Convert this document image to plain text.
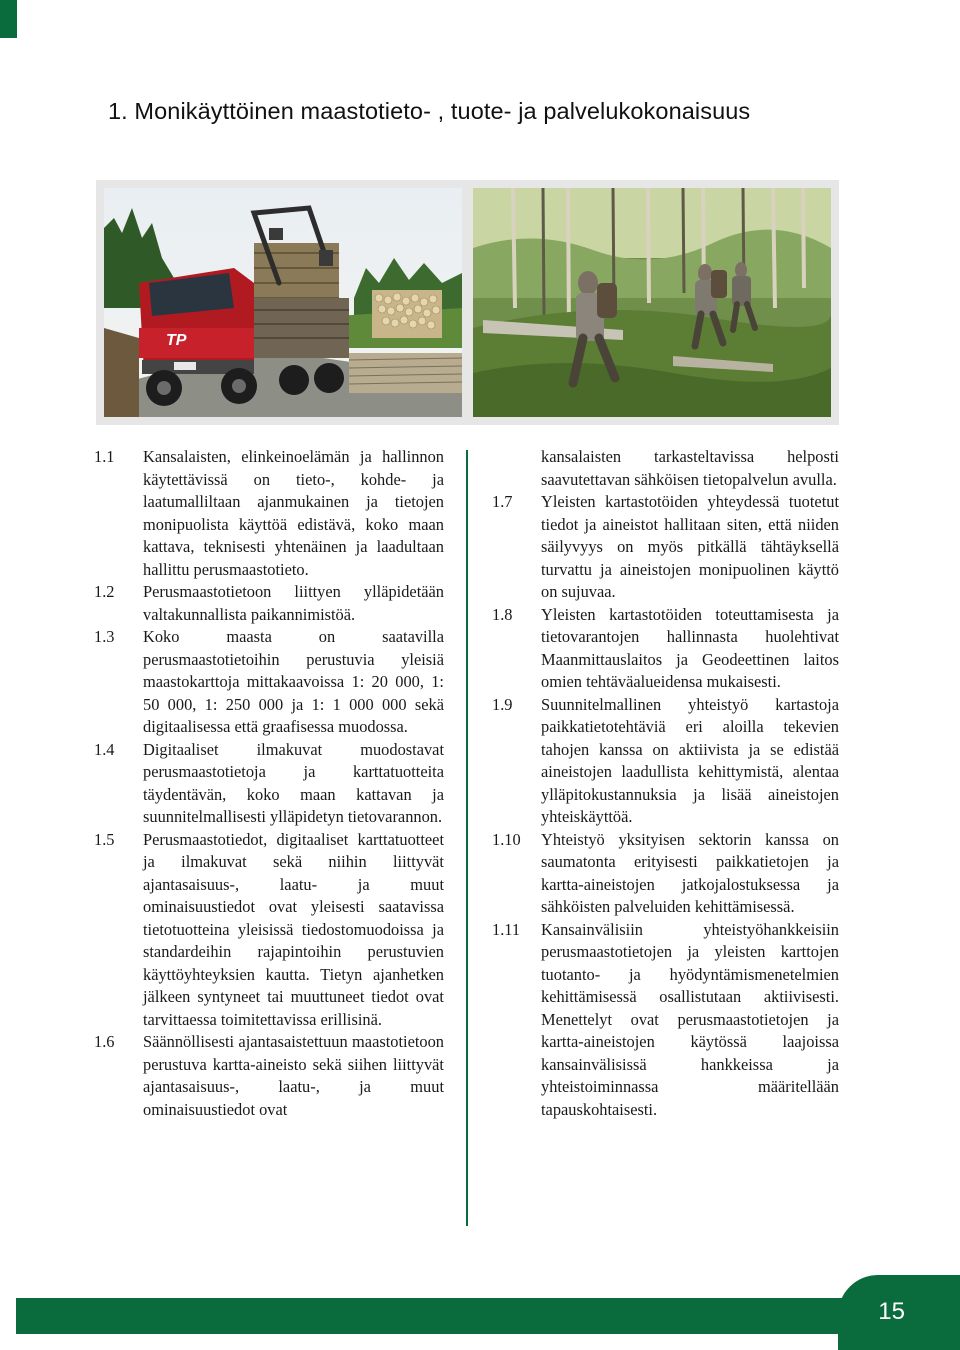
1. Monikäyttöinen maastotieto- , tuote- ja palvelukokonaisuus
TP
1.1	Kansalaisten, elinkeinoelämän ja hallinnon käytettävissä on tieto-, kohde- ja laatumalliltaan ajanmukainen ja tietojen monipuolista käyttöä edistävä, koko maan kattava, teknisesti yhtenäinen ja laadultaan hallittu perusmaastotieto.
1.2	Perusmaastotietoon liittyen ylläpidetään valtakunnallista paikannimistöä.
1.3	Koko maasta on saatavilla perusmaastotietoihin perustuvia yleisiä maastokarttoja mittakaavoissa 1: 20 000, 1: 50 000, 1: 250 000 ja 1: 1 000 000 sekä digitaalisessa että graafisessa muodossa.
1.4	Digitaaliset ilmakuvat muodostavat perusmaastotietoja ja karttatuotteita täydentävän, koko maan kattavan ja suunnitelmallisesti ylläpidetyn tietovarannon.
1.5	Perusmaastotiedot, digitaaliset karttatuotteet ja ilmakuvat sekä niihin liittyvät ajantasaisuus-, laatu- ja muut ominaisuustiedot ovat yleisesti saatavissa tietotuotteina yleisissä tiedostomuodoissa ja standardeihin rajapintoihin perustuvien käyttöyhteyksien kautta. Tietyn ajanhetken jälkeen syntyneet tai muuttuneet tiedot ovat tarvittaessa toimitettavissa erillisinä.
1.6	Säännöllisesti ajantasaistettuun maastotietoon perustuva kartta-aineisto sekä siihen liittyvät ajantasaisuus-, laatu-, ja muut ominaisuustiedot ovat
kansalaisten tarkasteltavissa helposti saavutettavan sähköisen tietopalvelun avulla.
1.7	Yleisten kartastotöiden yhteydessä tuotetut tiedot ja aineistot hallitaan siten, että niiden säilyvyys on myös pitkällä tähtäyksellä turvattu ja aineistojen monipuolinen käyttö on sujuvaa.
1.8	Yleisten kartastotöiden toteuttamisesta ja tietovarantojen hallinnasta huolehtivat Maanmittauslaitos ja Geodeettinen laitos omien tehtäväalueidensa mukaisesti.
1.9	Suunnitelmallinen yhteistyö kartastoja paikkatietotehtäviä eri aloilla tekevien tahojen kanssa on aktiivista ja se edistää aineistojen laadullista kehittymistä, alentaa ylläpitokustannuksia ja lisää aineistojen yhteiskäyttöä.
1.10	Yhteistyö yksityisen sektorin kanssa on saumatonta erityisesti paikkatietojen ja kartta-aineistojen jatkojalostuksessa ja sähköisten palveluiden kehittämisessä.
1.11	Kansainvälisiin yhteistyöhankkeisiin perusmaastotietojen ja yleisten karttojen tuotanto- ja hyödyntämismenetelmien kehittämisessä osallistutaan aktiivisesti. Menettelyt ovat perusmaastotietojen ja kartta-aineistojen käytössä laajoissa kansainvälisissä hankkeissa ja yhteistoiminnassa määritellään tapauskohtaisesti.
15
